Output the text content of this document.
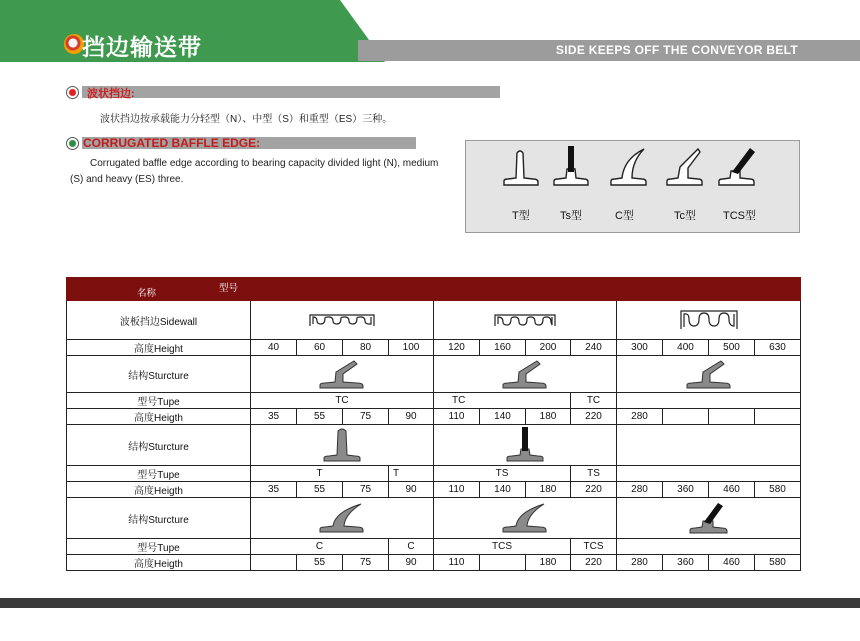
挡边输送带	SIDE KEEPS OFF THE CONVEYOR BELT
波状挡边:
波状挡边按承载能力分轻型（N）、中型（S）和重型（ES）三种。
CORRUGATED BAFFLE EDGE:
Corrugated baffle edge according to bearing capacity divided light (N), medium (S) and heavy (ES) three.
T型	Ts型	C型	Tc型 TCS型
型号
名称												

波板挡边Sidewall	

高度Height	40	60	80	100	120	160	200	240	300	400	500	630
结构Sturcture	

型号Tupe	TC				TC			TC				
高度Heigth	35	55	75	90	110	140	180	220	280			
结构Sturcture	

型号Tupe	T			T	TS			TS				
高度Heigth	35	55	75	90	110	140	180	220	280	360	460	580
结构Sturcture	

型号Tupe	C			C	TCS			TCS				
高度Heigth		55	75	90	110		180	220	280	360	460	580
